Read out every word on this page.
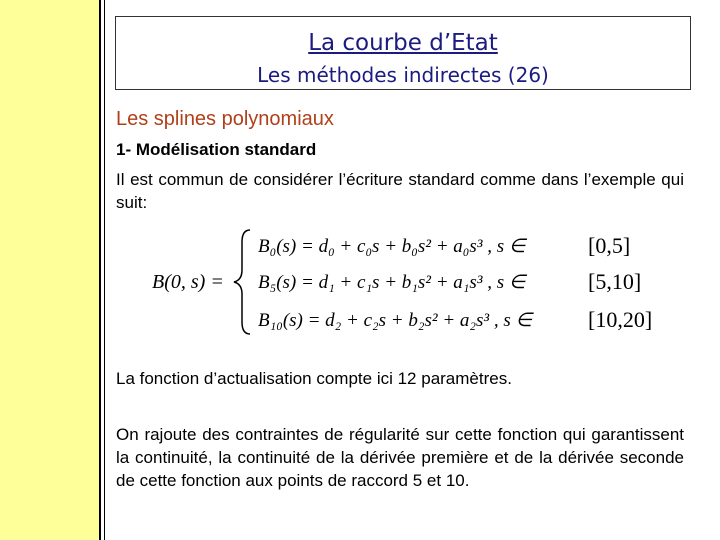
La courbe d’Etat
Les méthodes indirectes (26)
Les splines polynomiaux
1- Modélisation standard
Il est commun de considérer l’écriture standard comme dans l’exemple qui suit:
B(0, s) =
B₀(s) = d₀ + c₀s + b₀s² + a₀s³ , s ∈	[0,5]
B₅(s) = d₁ + c₁s + b₁s² + a₁s³ , s ∈	[5,10]
B₁₀(s) = d₂ + c₂s + b₂s² + a₂s³ , s ∈	[10,20]
La fonction d’actualisation compte ici 12 paramètres.
On rajoute des contraintes de régularité sur cette fonction qui garantissent la continuité, la continuité de la dérivée première et de la dérivée seconde de cette fonction aux points de raccord 5 et 10.
